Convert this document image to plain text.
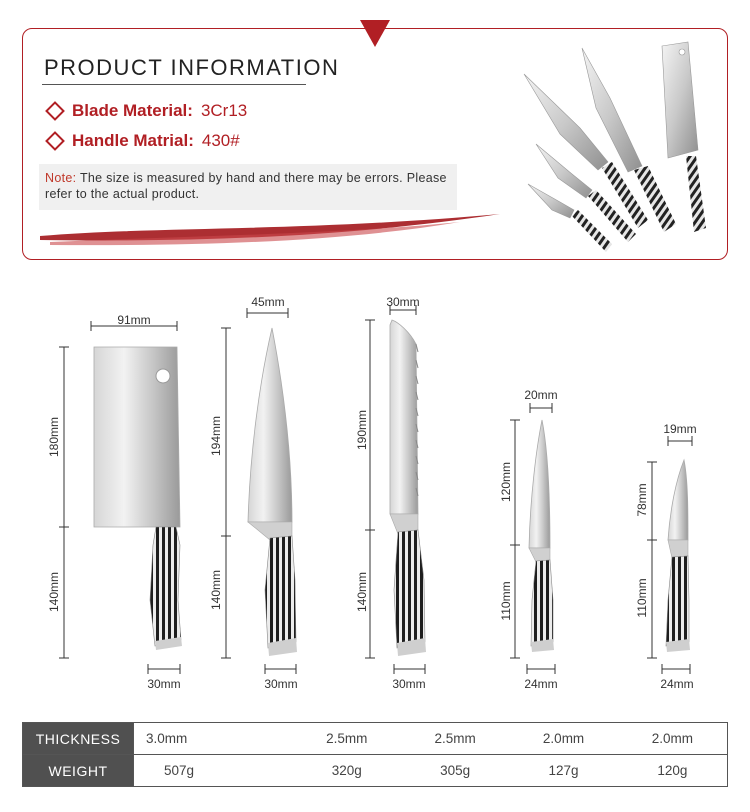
PRODUCT INFORMATION
Blade Material: 3Cr13
Handle Matrial: 430#
Note: The size is measured by hand and there may be errors. Please refer to the actual product.
91mm
180mm
140mm
30mm
45mm
194mm
140mm
30mm
30mm
190mm
140mm
30mm
20mm
120mm
110mm
24mm
19mm
78mm
110mm
24mm
THICKNESS	3.0mm	2.5mm	2.5mm	2.0mm	2.0mm
WEIGHT	507g	320g	305g	127g	120g
